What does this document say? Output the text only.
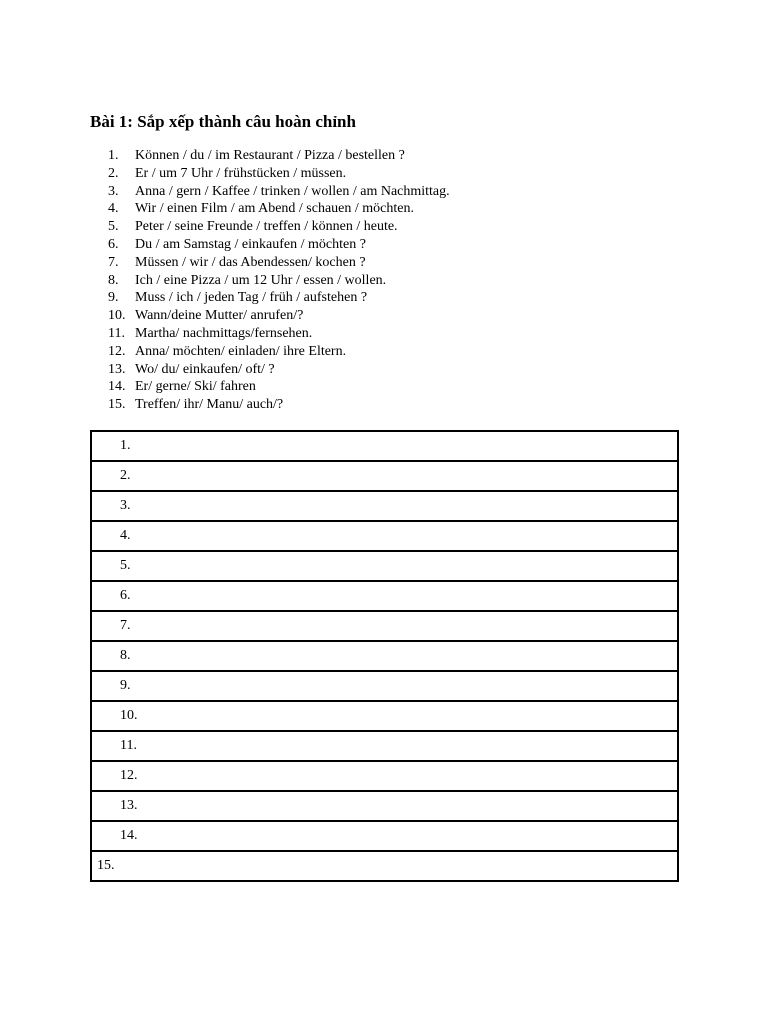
Bài 1: Sắp xếp thành câu hoàn chỉnh
1.	Können / du / im Restaurant / Pizza / bestellen ?
2.	Er / um 7 Uhr / frühstücken / müssen.
3.	Anna / gern / Kaffee / trinken / wollen / am Nachmittag.
4.	Wir / einen Film / am Abend / schauen / möchten.
5.	Peter / seine Freunde / treffen / können / heute.
6.	Du / am Samstag / einkaufen / möchten ?
7.	Müssen / wir / das Abendessen/ kochen ?
8.	Ich / eine Pizza / um 12 Uhr / essen / wollen.
9.	Muss / ich / jeden Tag / früh / aufstehen ?
10. Wann/deine Mutter/ anrufen/?
11. Martha/ nachmittags/fernsehen.
12. Anna/ möchten/ einladen/ ihre Eltern.
13. Wo/ du/ einkaufen/ oft/ ?
14. Er/ gerne/ Ski/ fahren
15. Treffen/ ihr/ Manu/ auch/?
1.
2.
3.
4.
5.
6.
7.
8.
9.
10.
11.
12.
13.
14.
15.
